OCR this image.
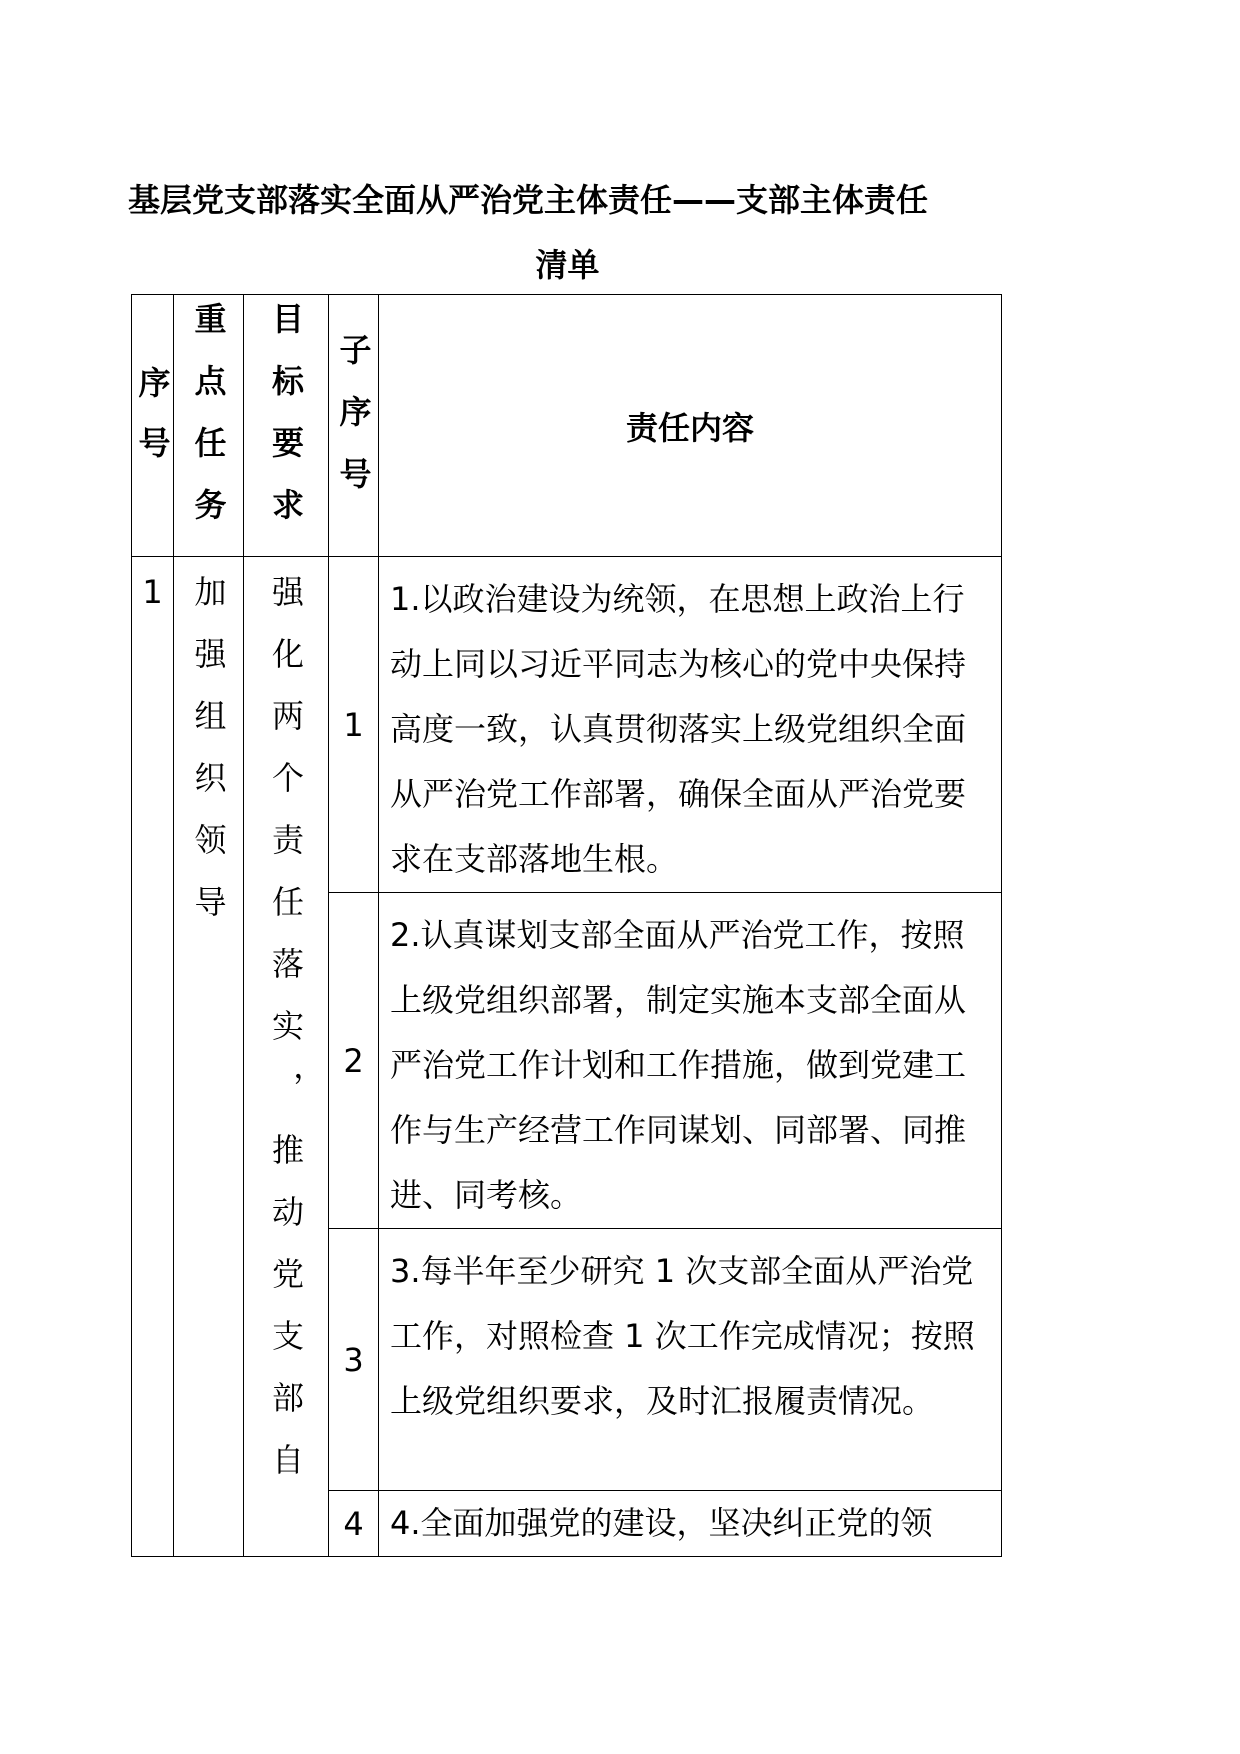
基层党支部落实全面从严治党主体责任——支部主体责任
清单
序号	重点任务	目标要求	子序号	责任内容
1	加强组织领导	强化两个责任落实，推动党支部自	1	1.以政治建设为统领，在思想上政治上行动上同以习近平同志为核心的党中央保持高度一致，认真贯彻落实上级党组织全面从严治党工作部署，确保全面从严治党要求在支部落地生根。
			2	2.认真谋划支部全面从严治党工作，按照上级党组织部署，制定实施本支部全面从严治党工作计划和工作措施，做到党建工作与生产经营工作同谋划、同部署、同推进、同考核。
			3	3.每半年至少研究 1 次支部全面从严治党工作，对照检查 1 次工作完成情况；按照上级党组织要求，及时汇报履责情况。
			4	4.全面加强党的建设，坚决纠正党的领
